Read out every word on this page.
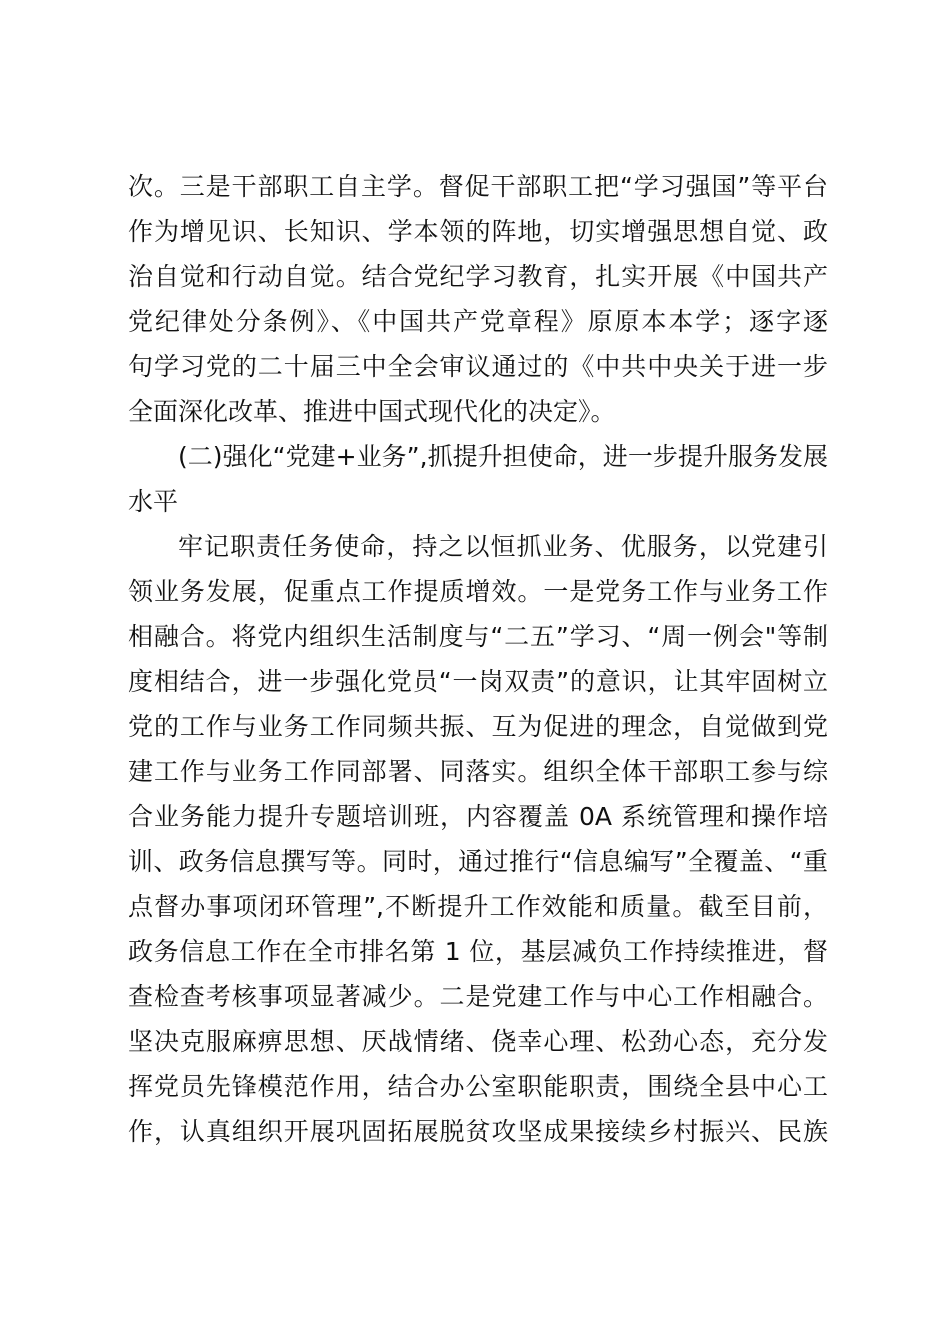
次。三是干部职工自主学。督促干部职工把“学习强国”等平台
作为增见识、长知识、学本领的阵地，切实增强思想自觉、政
治自觉和行动自觉。结合党纪学习教育，扎实开展《中国共产
党纪律处分条例》、《中国共产党章程》原原本本学；逐字逐
句学习党的二十届三中全会审议通过的《中共中央关于进一步
全面深化改革、推进中国式现代化的决定》。
(二)强化“党建+业务”,抓提升担使命，进一步提升服务发展
水平
牢记职责任务使命，持之以恒抓业务、优服务，以党建引
领业务发展，促重点工作提质增效。一是党务工作与业务工作
相融合。将党内组织生活制度与“二五”学习、“周一例会"等制
度相结合，进一步强化党员“一岗双责”的意识，让其牢固树立
党的工作与业务工作同频共振、互为促进的理念，自觉做到党
建工作与业务工作同部署、同落实。组织全体干部职工参与综
合业务能力提升专题培训班，内容覆盖 0A 系统管理和操作培
训、政务信息撰写等。同时，通过推行“信息编写”全覆盖、“重
点督办事项闭环管理”,不断提升工作效能和质量。截至目前，
政务信息工作在全市排名第 1 位，基层减负工作持续推进，督
查检查考核事项显著减少。二是党建工作与中心工作相融合。
坚决克服麻痹思想、厌战情绪、侥幸心理、松劲心态，充分发
挥党员先锋模范作用，结合办公室职能职责，围绕全县中心工
作，认真组织开展巩固拓展脱贫攻坚成果接续乡村振兴、民族
